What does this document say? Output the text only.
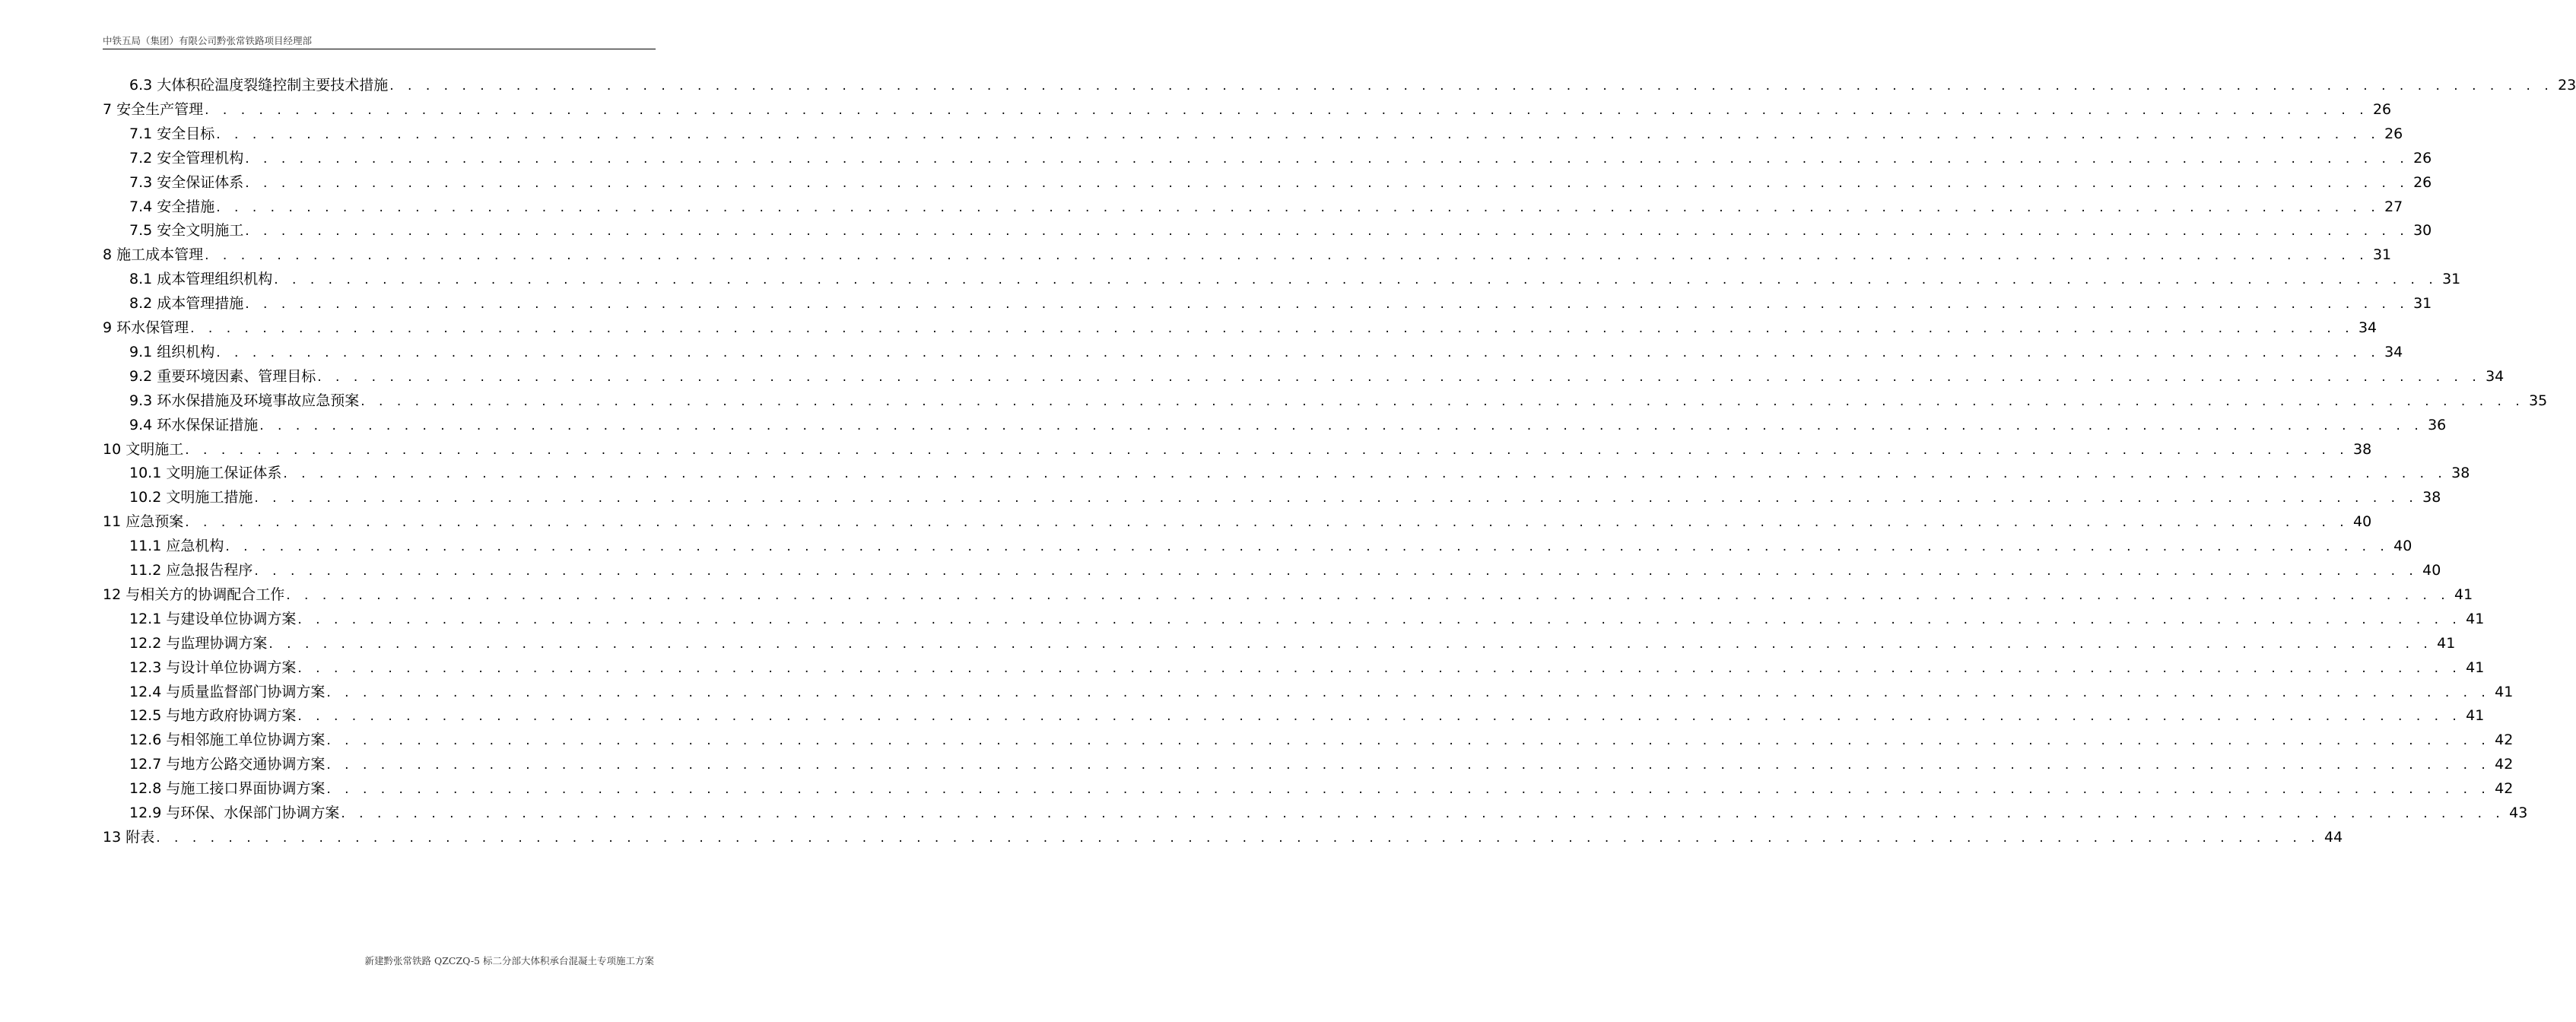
中铁五局（集团）有限公司黔张常铁路项目经理部
6.3 大体积砼温度裂缝控制主要技术措施 . . . . . . . . . . . . . . . . . . . . . . . . . . . . . . . . . . . . . . . . . . . . . . . . . . . . . . . . . . . . . . . . . . . . . . . . . . . . . . . . . . . . . . . . . . . . . . . . . . . . . . . . . . . . . . . . . . . . . . . . 23
7 安全生产管理 . . . . . . . . . . . . . . . . . . . . . . . . . . . . . . . . . . . . . . . . . . . . . . . . . . . . . . . . . . . . . . . . . . . . . . . . . . . . . . . . . . . . . . . . . . . . . . . . . . . . . . . . . . . . . . . . . . . . . . . . 26
7.1 安全目标 . . . . . . . . . . . . . . . . . . . . . . . . . . . . . . . . . . . . . . . . . . . . . . . . . . . . . . . . . . . . . . . . . . . . . . . . . . . . . . . . . . . . . . . . . . . . . . . . . . . . . . . . . . . . . . . . . . . . . . . . 26
7.2 安全管理机构 . . . . . . . . . . . . . . . . . . . . . . . . . . . . . . . . . . . . . . . . . . . . . . . . . . . . . . . . . . . . . . . . . . . . . . . . . . . . . . . . . . . . . . . . . . . . . . . . . . . . . . . . . . . . . . . . . . . . . . . . 26
7.3 安全保证体系 . . . . . . . . . . . . . . . . . . . . . . . . . . . . . . . . . . . . . . . . . . . . . . . . . . . . . . . . . . . . . . . . . . . . . . . . . . . . . . . . . . . . . . . . . . . . . . . . . . . . . . . . . . . . . . . . . . . . . . . . 26
7.4 安全措施 . . . . . . . . . . . . . . . . . . . . . . . . . . . . . . . . . . . . . . . . . . . . . . . . . . . . . . . . . . . . . . . . . . . . . . . . . . . . . . . . . . . . . . . . . . . . . . . . . . . . . . . . . . . . . . . . . . . . . . . . 27
7.5 安全文明施工 . . . . . . . . . . . . . . . . . . . . . . . . . . . . . . . . . . . . . . . . . . . . . . . . . . . . . . . . . . . . . . . . . . . . . . . . . . . . . . . . . . . . . . . . . . . . . . . . . . . . . . . . . . . . . . . . . . . . . . . . 30
8 施工成本管理 . . . . . . . . . . . . . . . . . . . . . . . . . . . . . . . . . . . . . . . . . . . . . . . . . . . . . . . . . . . . . . . . . . . . . . . . . . . . . . . . . . . . . . . . . . . . . . . . . . . . . . . . . . . . . . . . . . . . . . . . 31
8.1 成本管理组织机构 . . . . . . . . . . . . . . . . . . . . . . . . . . . . . . . . . . . . . . . . . . . . . . . . . . . . . . . . . . . . . . . . . . . . . . . . . . . . . . . . . . . . . . . . . . . . . . . . . . . . . . . . . . . . . . . . . . . . . . . . 31
8.2 成本管理措施 . . . . . . . . . . . . . . . . . . . . . . . . . . . . . . . . . . . . . . . . . . . . . . . . . . . . . . . . . . . . . . . . . . . . . . . . . . . . . . . . . . . . . . . . . . . . . . . . . . . . . . . . . . . . . . . . . . . . . . . . 31
9 环水保管理 . . . . . . . . . . . . . . . . . . . . . . . . . . . . . . . . . . . . . . . . . . . . . . . . . . . . . . . . . . . . . . . . . . . . . . . . . . . . . . . . . . . . . . . . . . . . . . . . . . . . . . . . . . . . . . . . . . . . . . . . 34
9.1 组织机构 . . . . . . . . . . . . . . . . . . . . . . . . . . . . . . . . . . . . . . . . . . . . . . . . . . . . . . . . . . . . . . . . . . . . . . . . . . . . . . . . . . . . . . . . . . . . . . . . . . . . . . . . . . . . . . . . . . . . . . . . 34
9.2 重要环境因素、管理目标 . . . . . . . . . . . . . . . . . . . . . . . . . . . . . . . . . . . . . . . . . . . . . . . . . . . . . . . . . . . . . . . . . . . . . . . . . . . . . . . . . . . . . . . . . . . . . . . . . . . . . . . . . . . . . . . . . . . . . . . . 34
9.3 环水保措施及环境事故应急预案 . . . . . . . . . . . . . . . . . . . . . . . . . . . . . . . . . . . . . . . . . . . . . . . . . . . . . . . . . . . . . . . . . . . . . . . . . . . . . . . . . . . . . . . . . . . . . . . . . . . . . . . . . . . . . . . . . . . . . . . . 35
9.4 环水保保证措施 . . . . . . . . . . . . . . . . . . . . . . . . . . . . . . . . . . . . . . . . . . . . . . . . . . . . . . . . . . . . . . . . . . . . . . . . . . . . . . . . . . . . . . . . . . . . . . . . . . . . . . . . . . . . . . . . . . . . . . . . 36
10 文明施工 . . . . . . . . . . . . . . . . . . . . . . . . . . . . . . . . . . . . . . . . . . . . . . . . . . . . . . . . . . . . . . . . . . . . . . . . . . . . . . . . . . . . . . . . . . . . . . . . . . . . . . . . . . . . . . . . . . . . . . . . 38
10.1 文明施工保证体系 . . . . . . . . . . . . . . . . . . . . . . . . . . . . . . . . . . . . . . . . . . . . . . . . . . . . . . . . . . . . . . . . . . . . . . . . . . . . . . . . . . . . . . . . . . . . . . . . . . . . . . . . . . . . . . . . . . . . . . . . 38
10.2 文明施工措施 . . . . . . . . . . . . . . . . . . . . . . . . . . . . . . . . . . . . . . . . . . . . . . . . . . . . . . . . . . . . . . . . . . . . . . . . . . . . . . . . . . . . . . . . . . . . . . . . . . . . . . . . . . . . . . . . . . . . . . . . 38
11 应急预案 . . . . . . . . . . . . . . . . . . . . . . . . . . . . . . . . . . . . . . . . . . . . . . . . . . . . . . . . . . . . . . . . . . . . . . . . . . . . . . . . . . . . . . . . . . . . . . . . . . . . . . . . . . . . . . . . . . . . . . . . 40
11.1 应急机构 . . . . . . . . . . . . . . . . . . . . . . . . . . . . . . . . . . . . . . . . . . . . . . . . . . . . . . . . . . . . . . . . . . . . . . . . . . . . . . . . . . . . . . . . . . . . . . . . . . . . . . . . . . . . . . . . . . . . . . . . 40
11.2 应急报告程序 . . . . . . . . . . . . . . . . . . . . . . . . . . . . . . . . . . . . . . . . . . . . . . . . . . . . . . . . . . . . . . . . . . . . . . . . . . . . . . . . . . . . . . . . . . . . . . . . . . . . . . . . . . . . . . . . . . . . . . . . 40
12 与相关方的协调配合工作 . . . . . . . . . . . . . . . . . . . . . . . . . . . . . . . . . . . . . . . . . . . . . . . . . . . . . . . . . . . . . . . . . . . . . . . . . . . . . . . . . . . . . . . . . . . . . . . . . . . . . . . . . . . . . . . . . . . . . . . . 41
12.1 与建设单位协调方案 . . . . . . . . . . . . . . . . . . . . . . . . . . . . . . . . . . . . . . . . . . . . . . . . . . . . . . . . . . . . . . . . . . . . . . . . . . . . . . . . . . . . . . . . . . . . . . . . . . . . . . . . . . . . . . . . . . . . . . . . 41
12.2 与监理协调方案 . . . . . . . . . . . . . . . . . . . . . . . . . . . . . . . . . . . . . . . . . . . . . . . . . . . . . . . . . . . . . . . . . . . . . . . . . . . . . . . . . . . . . . . . . . . . . . . . . . . . . . . . . . . . . . . . . . . . . . . . 41
12.3 与设计单位协调方案 . . . . . . . . . . . . . . . . . . . . . . . . . . . . . . . . . . . . . . . . . . . . . . . . . . . . . . . . . . . . . . . . . . . . . . . . . . . . . . . . . . . . . . . . . . . . . . . . . . . . . . . . . . . . . . . . . . . . . . . . 41
12.4 与质量监督部门协调方案 . . . . . . . . . . . . . . . . . . . . . . . . . . . . . . . . . . . . . . . . . . . . . . . . . . . . . . . . . . . . . . . . . . . . . . . . . . . . . . . . . . . . . . . . . . . . . . . . . . . . . . . . . . . . . . . . . . . . . . . . 41
12.5 与地方政府协调方案 . . . . . . . . . . . . . . . . . . . . . . . . . . . . . . . . . . . . . . . . . . . . . . . . . . . . . . . . . . . . . . . . . . . . . . . . . . . . . . . . . . . . . . . . . . . . . . . . . . . . . . . . . . . . . . . . . . . . . . . . 41
12.6 与相邻施工单位协调方案 . . . . . . . . . . . . . . . . . . . . . . . . . . . . . . . . . . . . . . . . . . . . . . . . . . . . . . . . . . . . . . . . . . . . . . . . . . . . . . . . . . . . . . . . . . . . . . . . . . . . . . . . . . . . . . . . . . . . . . . . 42
12.7 与地方公路交通协调方案 . . . . . . . . . . . . . . . . . . . . . . . . . . . . . . . . . . . . . . . . . . . . . . . . . . . . . . . . . . . . . . . . . . . . . . . . . . . . . . . . . . . . . . . . . . . . . . . . . . . . . . . . . . . . . . . . . . . . . . . . 42
12.8 与施工接口界面协调方案 . . . . . . . . . . . . . . . . . . . . . . . . . . . . . . . . . . . . . . . . . . . . . . . . . . . . . . . . . . . . . . . . . . . . . . . . . . . . . . . . . . . . . . . . . . . . . . . . . . . . . . . . . . . . . . . . . . . . . . . . 42
12.9 与环保、水保部门协调方案 . . . . . . . . . . . . . . . . . . . . . . . . . . . . . . . . . . . . . . . . . . . . . . . . . . . . . . . . . . . . . . . . . . . . . . . . . . . . . . . . . . . . . . . . . . . . . . . . . . . . . . . . . . . . . . . . . . . . . . . . 43
13 附表 . . . . . . . . . . . . . . . . . . . . . . . . . . . . . . . . . . . . . . . . . . . . . . . . . . . . . . . . . . . . . . . . . . . . . . . . . . . . . . . . . . . . . . . . . . . . . . . . . . . . . . . . . . . . . . . . . . . . . . . . 44
新建黔张常铁路 QZCZQ-5 标二分部大体积承台混凝土专项施工方案
